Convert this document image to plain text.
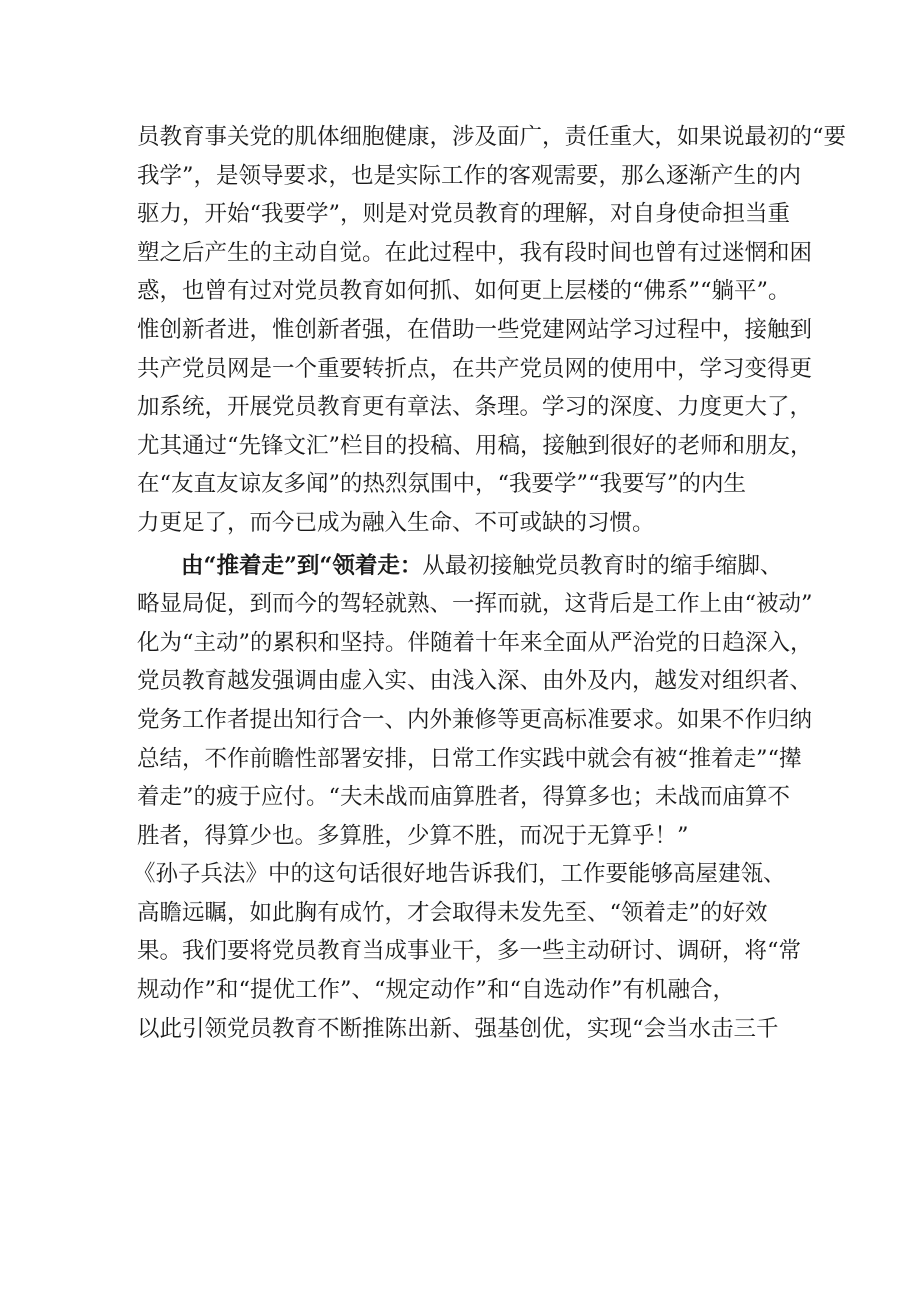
员教育事关党的肌体细胞健康，涉及面广，责任重大，如果说最初的“要
我学”，是领导要求，也是实际工作的客观需要，那么逐渐产生的内
驱力，开始“我要学”，则是对党员教育的理解，对自身使命担当重
塑之后产生的主动自觉。在此过程中，我有段时间也曾有过迷惘和困
惑，也曾有过对党员教育如何抓、如何更上层楼的“佛系”“躺平”。
惟创新者进，惟创新者强，在借助一些党建网站学习过程中，接触到
共产党员网是一个重要转折点，在共产党员网的使用中，学习变得更
加系统，开展党员教育更有章法、条理。学习的深度、力度更大了，
尤其通过“先锋文汇”栏目的投稿、用稿，接触到很好的老师和朋友，
在“友直友谅友多闻”的热烈氛围中，“我要学”“我要写”的内生
力更足了，而今已成为融入生命、不可或缺的习惯。
由“推着走”到“领着走：从最初接触党员教育时的缩手缩脚、
略显局促，到而今的驾轻就熟、一挥而就，这背后是工作上由“被动”
化为“主动”的累积和坚持。伴随着十年来全面从严治党的日趋深入，
党员教育越发强调由虚入实、由浅入深、由外及内，越发对组织者、
党务工作者提出知行合一、内外兼修等更高标准要求。如果不作归纳
总结，不作前瞻性部署安排，日常工作实践中就会有被“推着走”“撵
着走”的疲于应付。“夫未战而庙算胜者，得算多也；未战而庙算不
胜者，得算少也。多算胜，少算不胜，而况于无算乎！”
《孙子兵法》中的这句话很好地告诉我们，工作要能够高屋建瓴、
高瞻远瞩，如此胸有成竹，才会取得未发先至、“领着走”的好效
果。我们要将党员教育当成事业干，多一些主动研讨、调研，将“常
规动作”和“提优工作”、“规定动作”和“自选动作”有机融合，
以此引领党员教育不断推陈出新、强基创优，实现“会当水击三千
